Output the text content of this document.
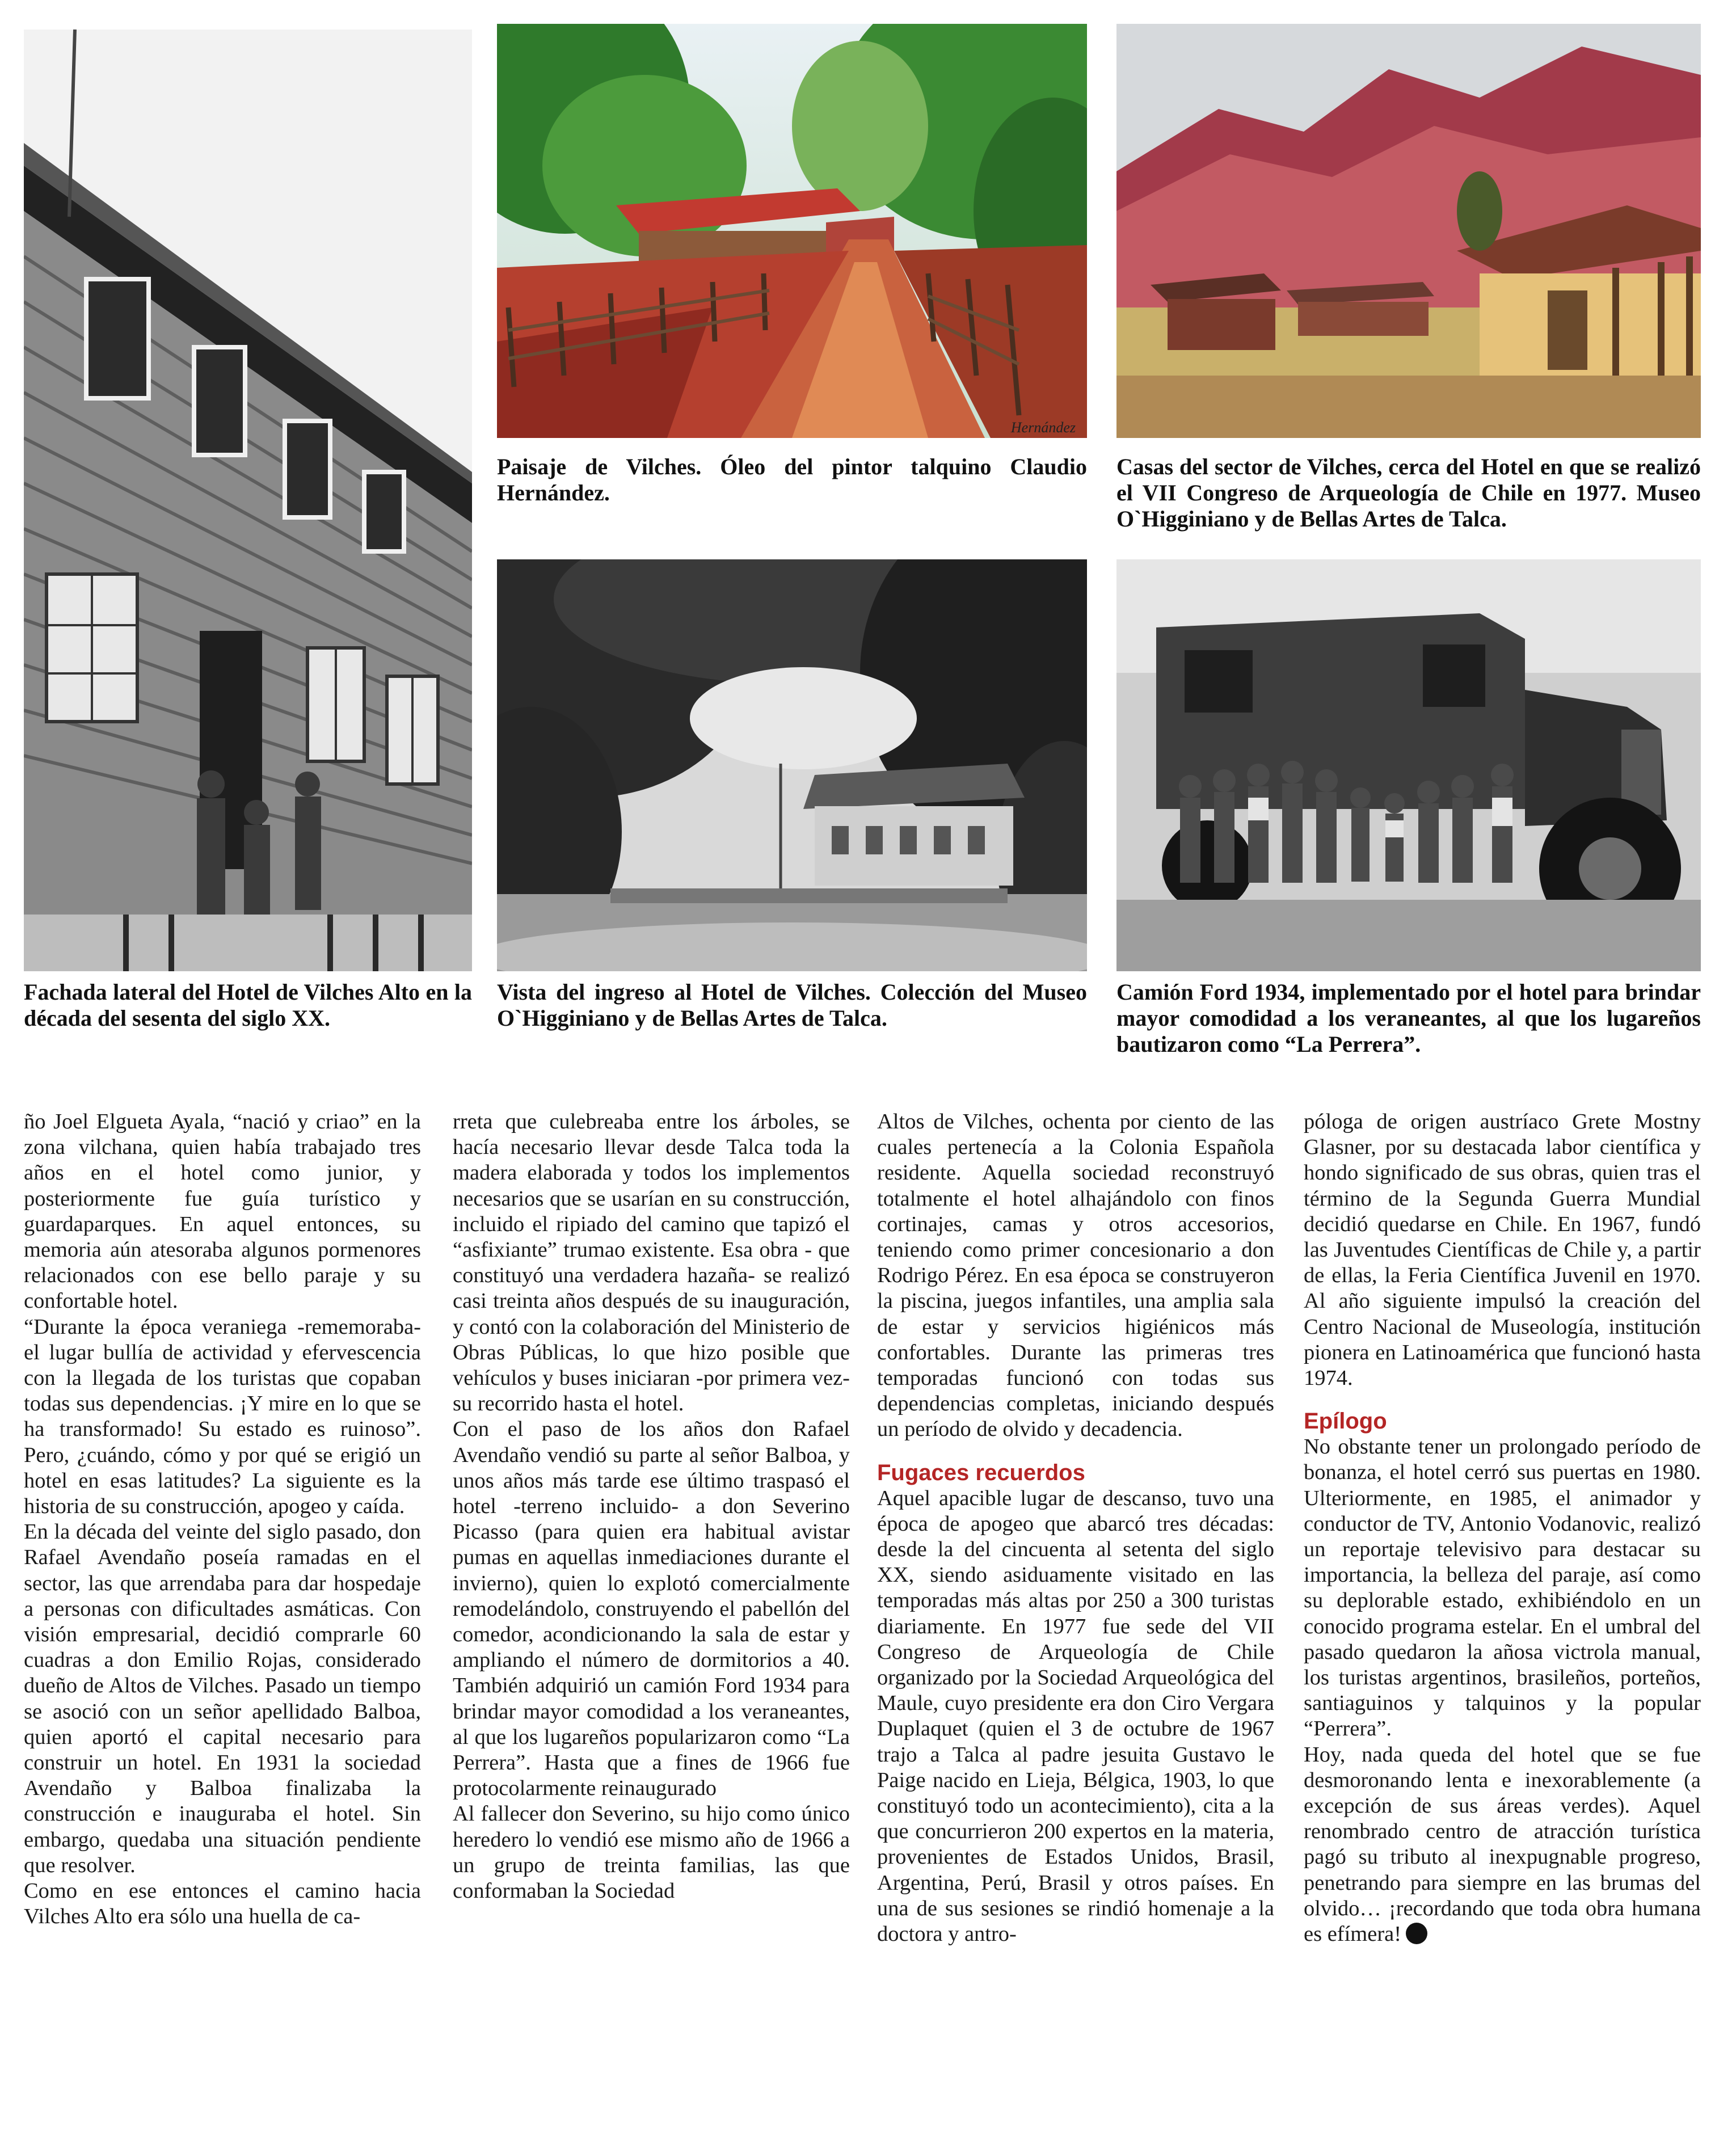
Fachada lateral del Hotel de Vilches Alto en la década del sesenta del siglo XX.
Hernández
Paisaje de Vilches. Óleo del pintor talquino Claudio Hernández.
Casas del sector de Vilches, cerca del Hotel en que se realizó el VII Congreso de Arqueología de Chile en 1977. Museo O`Higginiano y de Bellas Artes de Talca.
Vista del ingreso al Hotel de Vilches. Colección del Museo O`Higginiano y de Bellas Artes de Talca.
Camión Ford 1934, implementado por el hotel para brindar mayor comodidad a los veraneantes, al que los lugareños bautizaron como “La Perrera”.

ño Joel Elgueta Ayala, “nació y criao” en la zona vilchana, quien había trabajado tres años en el hotel como junior, y posteriormente fue guía turístico y guardaparques. En aquel entonces, su memoria aún atesoraba algunos pormenores relacionados con ese bello paraje y su confortable hotel.

“Durante la época veraniega -rememoraba- el lugar bullía de actividad y efervescencia con la llegada de los turistas que copaban todas sus dependencias. ¡Y mire en lo que se ha transformado! Su estado es ruinoso”. Pero, ¿cuándo, cómo y por qué se erigió un hotel en esas latitudes? La siguiente es la historia de su construcción, apogeo y caída.

En la década del veinte del siglo pasado, don Rafael Avendaño poseía ramadas en el sector, las que arrendaba para dar hospedaje a personas con dificultades asmáticas. Con visión empresarial, decidió comprarle 60 cuadras a don Emilio Rojas, considerado dueño de Altos de Vilches. Pasado un tiempo se asoció con un señor apellidado Balboa, quien aportó el capital necesario para construir un hotel. En 1931 la sociedad Avendaño y Balboa finalizaba la construcción e inauguraba el hotel. Sin embargo, quedaba una situación pendiente que resolver.

Como en ese entonces el camino hacia Vilches Alto era sólo una huella de ca-

rreta que culebreaba entre los árboles, se hacía necesario llevar desde Talca toda la madera elaborada y todos los implementos necesarios que se usarían en su construcción, incluido el ripiado del camino que tapizó el “asfixiante” trumao existente. Esa obra - que constituyó una verdadera hazaña- se realizó casi treinta años después de su inauguración, y contó con la colaboración del Ministerio de Obras Públicas, lo que hizo posible que vehículos y buses iniciaran -por primera vez- su recorrido hasta el hotel.

Con el paso de los años don Rafael Avendaño vendió su parte al señor Balboa, y unos años más tarde ese último traspasó el hotel -terreno incluido- a don Severino Picasso (para quien era habitual avistar pumas en aquellas inmediaciones durante el invierno), quien lo explotó comercialmente remodelándolo, construyendo el pabellón del comedor, acondicionando la sala de estar y ampliando el número de dormitorios a 40. También adquirió un camión Ford 1934 para brindar mayor comodidad a los veraneantes, al que los lugareños popularizaron como “La Perrera”. Hasta que a fines de 1966 fue protocolarmente reinaugurado

Al fallecer don Severino, su hijo como único heredero lo vendió ese mismo año de 1966 a un grupo de treinta familias, las que conformaban la Sociedad

Altos de Vilches, ochenta por ciento de las cuales pertenecía a la Colonia Española residente. Aquella sociedad reconstruyó totalmente el hotel alhajándolo con finos cortinajes, camas y otros accesorios, teniendo como primer concesionario a don Rodrigo Pérez. En esa época se construyeron la piscina, juegos infantiles, una amplia sala de estar y servicios higiénicos más confortables. Durante las primeras tres temporadas funcionó con todas sus dependencias completas, iniciando después un período de olvido y decadencia.

Fugaces recuerdos

Aquel apacible lugar de descanso, tuvo una época de apogeo que abarcó tres décadas: desde la del cincuenta al setenta del siglo XX, siendo asiduamente visitado en las temporadas más altas por 250 a 300 turistas diariamente. En 1977 fue sede del VII Congreso de Arqueología de Chile organizado por la Sociedad Arqueológica del Maule, cuyo presidente era don Ciro Vergara Duplaquet (quien el 3 de octubre de 1967 trajo a Talca al padre jesuita Gustavo le Paige nacido en Lieja, Bélgica, 1903, lo que constituyó todo un acontecimiento), cita a la que concurrieron 200 expertos en la materia, provenientes de Estados Unidos, Brasil, Argentina, Perú, Brasil y otros países. En una de sus sesiones se rindió homenaje a la doctora y antro-

póloga de origen austríaco Grete Mostny Glasner, por su destacada labor científica y hondo significado de sus obras, quien tras el término de la Segunda Guerra Mundial decidió quedarse en Chile. En 1967, fundó las Juventudes Científicas de Chile y, a partir de ellas, la Feria Científica Juvenil en 1970. Al año siguiente impulsó la creación del Centro Nacional de Museología, institución pionera en Latinoamérica que funcionó hasta 1974.

Epílogo

No obstante tener un prolongado período de bonanza, el hotel cerró sus puertas en 1980. Ulteriormente, en 1985, el animador y conductor de TV, Antonio Vodanovic, realizó un reportaje televisivo para destacar su importancia, la belleza del paraje, así como su deplorable estado, exhibiéndolo en un conocido programa estelar. En el umbral del pasado quedaron la añosa victrola manual, los turistas argentinos, brasileños, porteños, santiaguinos y talquinos y la popular “Perrera”.

Hoy, nada queda del hotel que se fue desmoronando lenta e inexorablemente (a excepción de sus áreas verdes). Aquel renombrado centro de atracción turística pagó su tributo al inexpugnable progreso, penetrando para siempre en las brumas del olvido… ¡recordando que toda obra humana es efímera!
